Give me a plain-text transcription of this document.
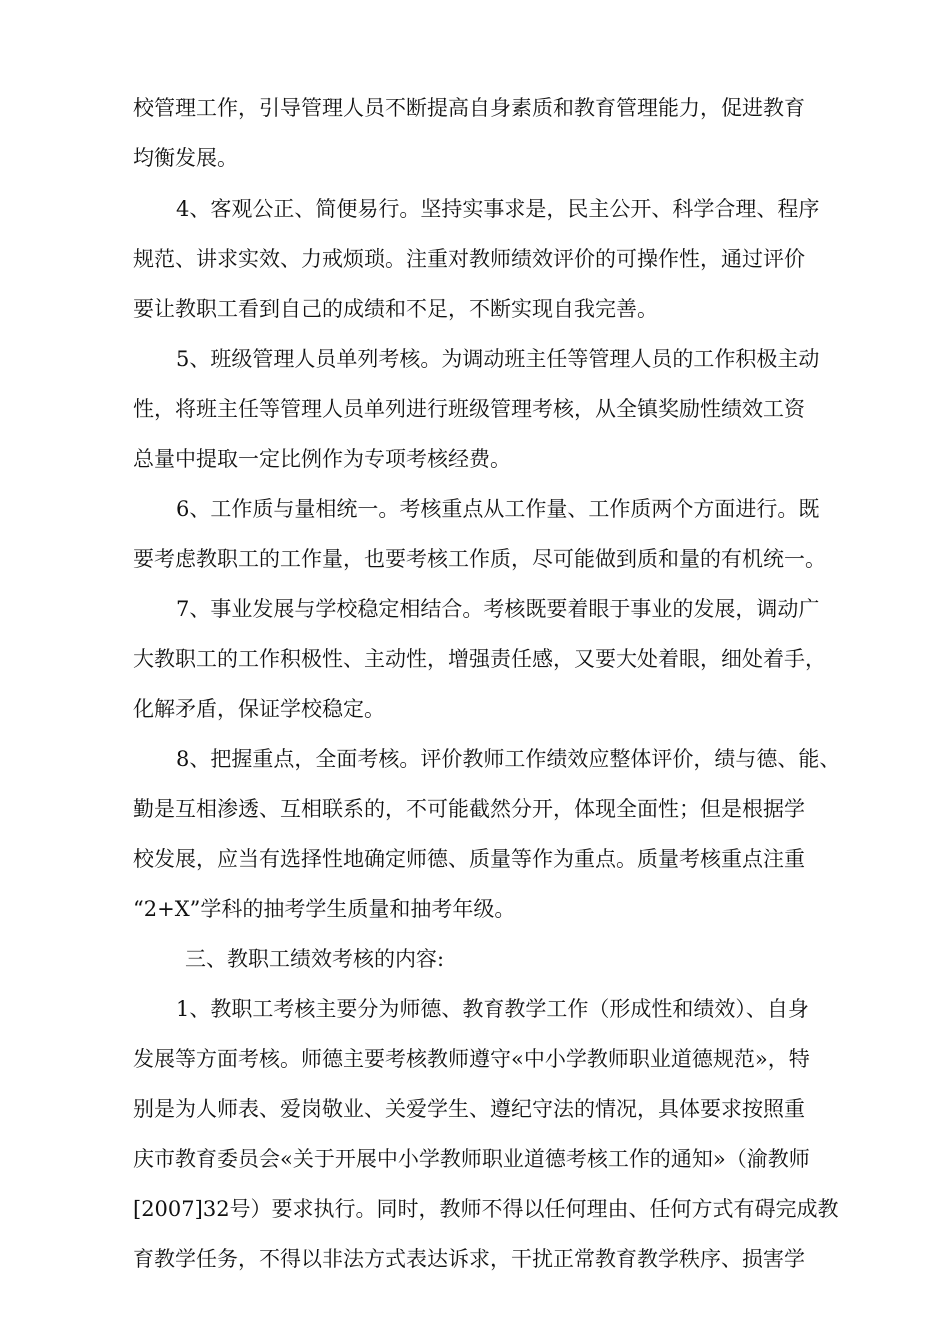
校管理工作，引导管理人员不断提高自身素质和教育管理能力，促进教育
均衡发展。
4、客观公正、简便易行。坚持实事求是，民主公开、科学合理、程序
规范、讲求实效、力戒烦琐。注重对教师绩效评价的可操作性，通过评价
要让教职工看到自己的成绩和不足，不断实现自我完善。
5、班级管理人员单列考核。为调动班主任等管理人员的工作积极主动
性，将班主任等管理人员单列进行班级管理考核，从全镇奖励性绩效工资
总量中提取一定比例作为专项考核经费。
6、工作质与量相统一。考核重点从工作量、工作质两个方面进行。既
要考虑教职工的工作量，也要考核工作质，尽可能做到质和量的有机统一。
7、事业发展与学校稳定相结合。考核既要着眼于事业的发展，调动广
大教职工的工作积极性、主动性，增强责任感，又要大处着眼，细处着手，
化解矛盾，保证学校稳定。
8、把握重点，全面考核。评价教师工作绩效应整体评价，绩与德、能、
勤是互相渗透、互相联系的，不可能截然分开，体现全面性；但是根据学
校发展，应当有选择性地确定师德、质量等作为重点。质量考核重点注重
“2+X”学科的抽考学生质量和抽考年级。
三、教职工绩效考核的内容:
1、教职工考核主要分为师德、教育教学工作（形成性和绩效）、自身
发展等方面考核。师德主要考核教师遵守«中小学教师职业道德规范»，特
别是为人师表、爱岗敬业、关爱学生、遵纪守法的情况，具体要求按照重
庆市教育委员会«关于开展中小学教师职业道德考核工作的通知»（渝教师
[2007]32号）要求执行。同时，教师不得以任何理由、任何方式有碍完成教
育教学任务，不得以非法方式表达诉求，干扰正常教育教学秩序、损害学
